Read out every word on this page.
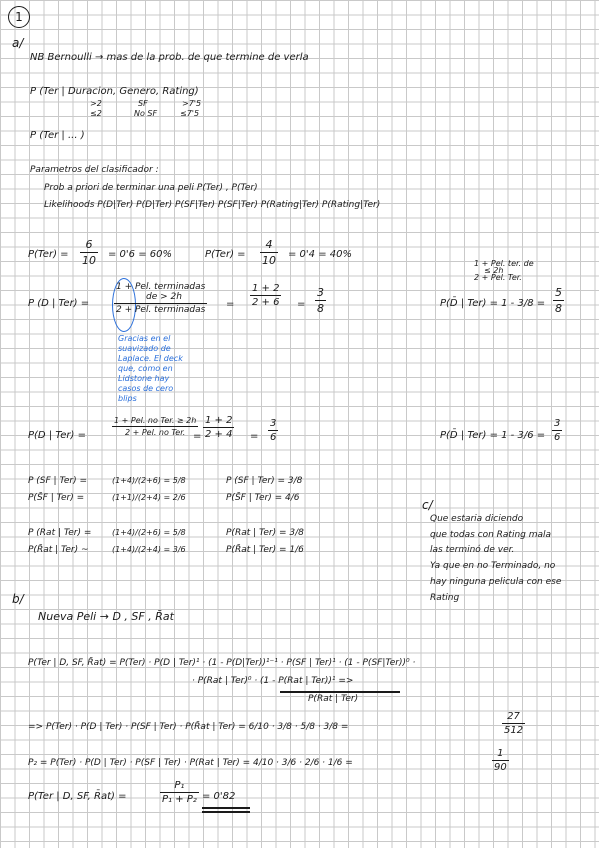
1
a/
NB Bernoulli → mas de la prob. de que termine de verla
P (Ter | Duracion, Genero, Rating)
>2
≤2
SF
No SF
>7'5
≤7'5
P (Ter | ... )
Parametros del clasificador :
Prob a priori de terminar una peli P(Ter) , P(Ter)
Likelihoods P(D|Ter) P(D|Ter) P(SF|Ter) P(SF|Ter) P(Rating|Ter) P(Rating|Ter)
P(Ter) =
6
10 = 0'6 = 60%	P(Ter) =
4
10 = 0'4 = 40%
P (D | Ter) =
1 + Pel. terminadas
de > 2h
2 + Pel. terminadas =
1 + 2
2 + 6 =
3
8
1 + Pel. ter. de
≤ 2h
2 + Pel. Ter.
P(D̄ | Ter) = 1 - 3/8 =
5
8
Gracias en el suavizado de Laplace. El deck que, como en Lidstone hay casos de cero blips
P(D | Ter) =
1 + Pel. no Ter. ≥ 2h
2 + Pel. no Ter. =
1 + 2
2 + 4 =
3
6	P(D̄ | Ter) = 1 - 3/6 =
3
6
P (SF | Ter) =	(1+4)/(2+6) = 5/8
P(S̄F | Ter) =	(1+1)/(2+4) = 2/6
P (SF | Ter) = 3/8
P(S̄F | Ter) = 4/6
P (Rat | Ter) =	(1+4)/(2+6) = 5/8
P(R̄at | Ter) ~	(1+4)/(2+4) = 3/6
P(Rat | Ter) = 3/8
P(R̄at | Ter) = 1/6
c/
Que estaria diciendo
que todas con Rating mala
las terminó de ver.
Ya que en no Terminado, no
hay ninguna pelicula con ese
Rating
b/
Nueva Peli → D , SF , R̄at
P(Ter | D, SF, R̄at) = P(Ter) · P(D | Ter)¹ · (1 - P(D|Ter))¹⁻¹ · P(SF | Ter)¹ · (1 - P(SF|Ter))⁰ ·
· P(Rat | Ter)⁰ · (1 - P(Rat | Ter))¹ =>
P(Rat | Ter)
=> P(Ter) · P(D | Ter) · P(SF | Ter) · P(R̄at | Ter) = 6/10 · 3/8 · 5/8 · 3/8 =
27
512
P₂ = P(Ter) · P(D | Ter) · P(SF | Ter) · P(Rat | Ter) = 4/10 · 3/6 · 2/6 · 1/6 =
1
90
P(Ter | D, SF, R̄at) =
P₁
P₁ + P₂ = 0'82
